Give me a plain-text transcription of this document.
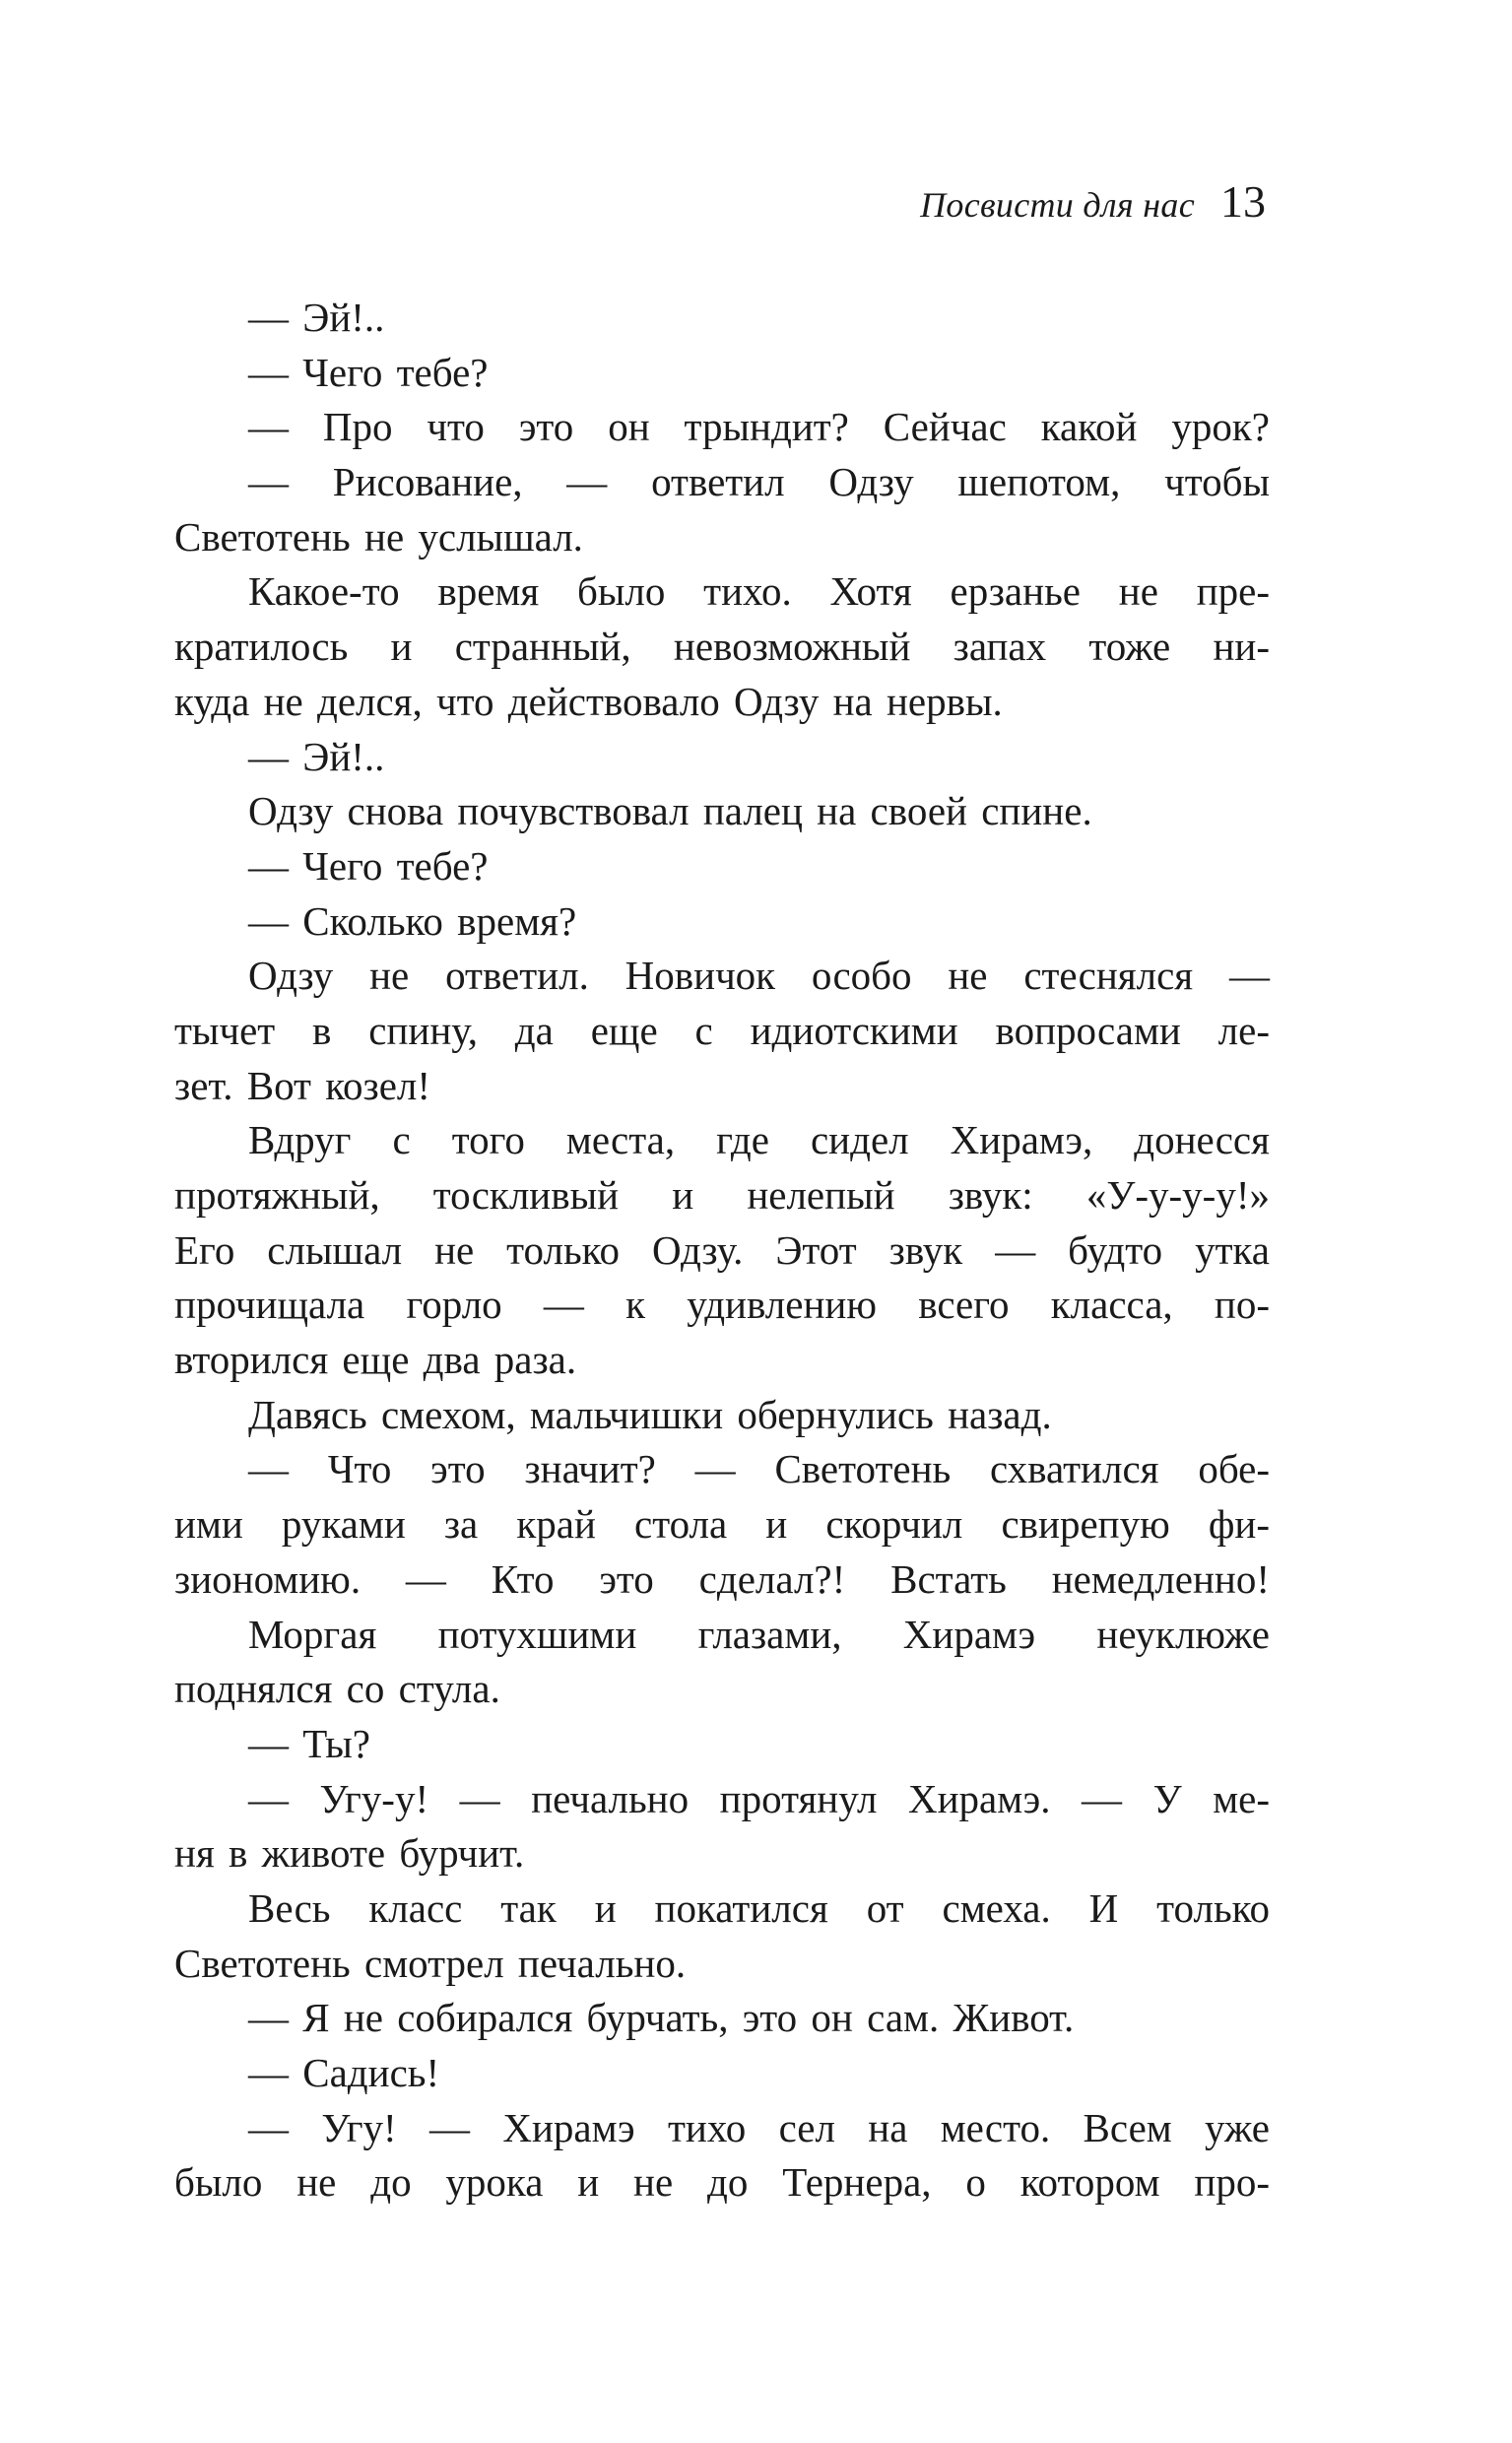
Посвисти для нас 13
— Эй!..
— Чего тебе?
— Про что это он трындит? Сейчас какой урок?
— Рисование, — ответил Одзу шепотом, чтобы
Светотень не услышал.
Какое-то время было тихо. Хотя ерзанье не пре-
кратилось и странный, невозможный запах тоже ни-
куда не делся, что действовало Одзу на нервы.
— Эй!..
Одзу снова почувствовал палец на своей спине.
— Чего тебе?
— Сколько время?
Одзу не ответил. Новичок особо не стеснялся —
тычет в спину, да еще с идиотскими вопросами ле-
зет. Вот козел!
Вдруг с того места, где сидел Хирамэ, донесся
протяжный, тоскливый и нелепый звук: «У-у-у-у!»
Его слышал не только Одзу. Этот звук — будто утка
прочищала горло — к удивлению всего класса, по-
вторился еще два раза.
Давясь смехом, мальчишки обернулись назад.
— Что это значит? — Светотень схватился обе-
ими руками за край стола и скорчил свирепую фи-
зиономию. — Кто это сделал?! Встать немедленно!
Моргая потухшими глазами, Хирамэ неуклюже
поднялся со стула.
— Ты?
— Угу-у! — печально протянул Хирамэ. — У ме-
ня в животе бурчит.
Весь класс так и покатился от смеха. И только
Светотень смотрел печально.
— Я не собирался бурчать, это он сам. Живот.
— Садись!
— Угу! — Хирамэ тихо сел на место. Всем уже
было не до урока и не до Тернера, о котором про-
